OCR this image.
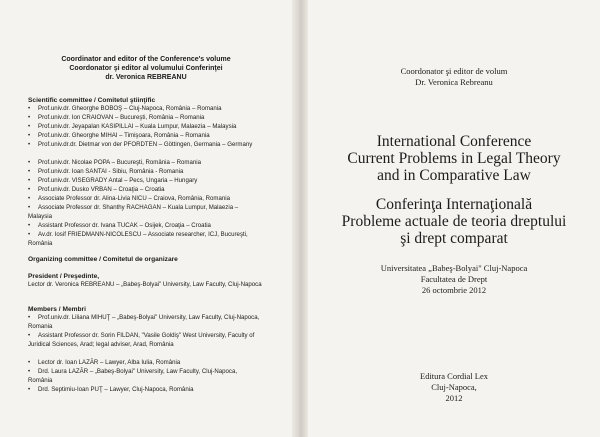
Coordinator and editor of the Conference's volume
Coordonator şi editor al volumului Conferinţei
dr. Veronica REBREANU
Scientific committee / Comitetul ştiinţific
• Prof.univ.dr. Gheorghe BOBOŞ – Cluj-Napoca, România – Romania
• Prof.univ.dr. Ion CRAIOVAN – Bucureşti, România – Romania
• Prof.univ.dr. Jeyapalan KASIPILLAI – Kuala Lumpur, Malaezia – Malaysia
• Prof.univ.dr. Gheorghe MIHAI – Timişoara, România – Romania
• Prof.univ.dr.dr. Dietmar von der PFORDTEN – Göttingen, Germania – Germany
• Prof.univ.dr. Nicolae POPA – Bucureşti, România – Romania
• Prof.univ.dr. Ioan SANTAI - Sibiu, România - Romania
• Prof.univ.dr. VISEGRADY Antal – Pecs, Ungaria – Hungary
• Prof.univ.dr. Dusko VRBAN – Croaţia – Croatia
• Associate Professor dr. Alina-Livia NICU – Craiova, România, Romania
• Associate Professor dr. Shanthy RACHAGAN – Kuala Lumpur, Malaezia – Malaysia
• Assistant Professor dr. Ivana TUCAK – Osijek, Croaţia – Croatia
• Av.dr. Iosif FRIEDMANN-NICOLESCU – Associate researcher, ICJ, Bucureşti, România
Organizing committee / Comitetul de organizare
President / Preşedinte,
Lector dr. Veronica REBREANU – „Babeş-Bolyai" University, Law Faculty, Cluj-Napoca
Members / Membri
• Prof.univ.dr. Liliana MIHUŢ – „Babeş-Bolyai" University, Law Faculty, Cluj-Napoca, Romania
• Assistant Professor dr. Sorin FILDAN, "Vasile Goldiş" West University, Faculty of Juridical Sciences, Arad; legal adviser, Arad, România
• Lector dr. Ioan LAZĂR – Lawyer, Alba Iulia, România
• Drd. Laura LAZĂR – „Babeş-Bolyai" University, Law Faculty, Cluj-Napoca, România
• Drd. Septimiu-Ioan PUŢ – Lawyer, Cluj-Napoca, România
Coordonator şi editor de volum
Dr. Veronica Rebreanu
International Conference
Current Problems in Legal Theory
and in Comparative Law
Conferinţa Internaţională
Probleme actuale de teoria dreptului
şi drept comparat
Universitatea „Babeş-Bolyai" Cluj-Napoca
Facultatea de Drept
26 octombrie 2012
Editura Cordial Lex
Cluj-Napoca,
2012
